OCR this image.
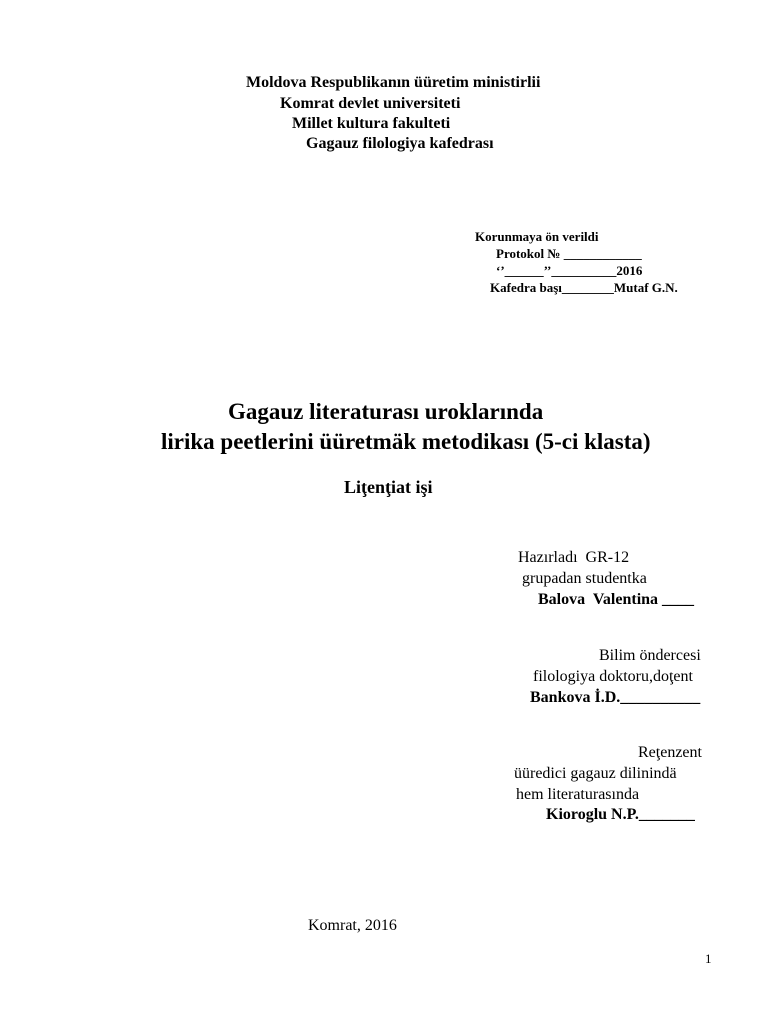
Moldova Respublikanın üüretim ministirlii
Komrat devlet universiteti
Millet kultura fakulteti
Gagauz filologiya kafedrası
Korunmaya ön verildi
Protokol № ____________
‘’______’’__________2016
Kafedra başı________Mutaf G.N.
Gagauz literaturası uroklarında
lirika peetlerini üüretmäk metodikası (5-ci klasta)
Liţenţiat işi
Hazırladı  GR-12
grupadan studentka
Balova  Valentina ____
Bilim öndercesi
filologiya doktoru,doţent
Bankova İ.D.__________
Reţenzent
üüredici gagauz dilinindä
hem literaturasında
Kioroglu N.P._______
Komrat, 2016
1
